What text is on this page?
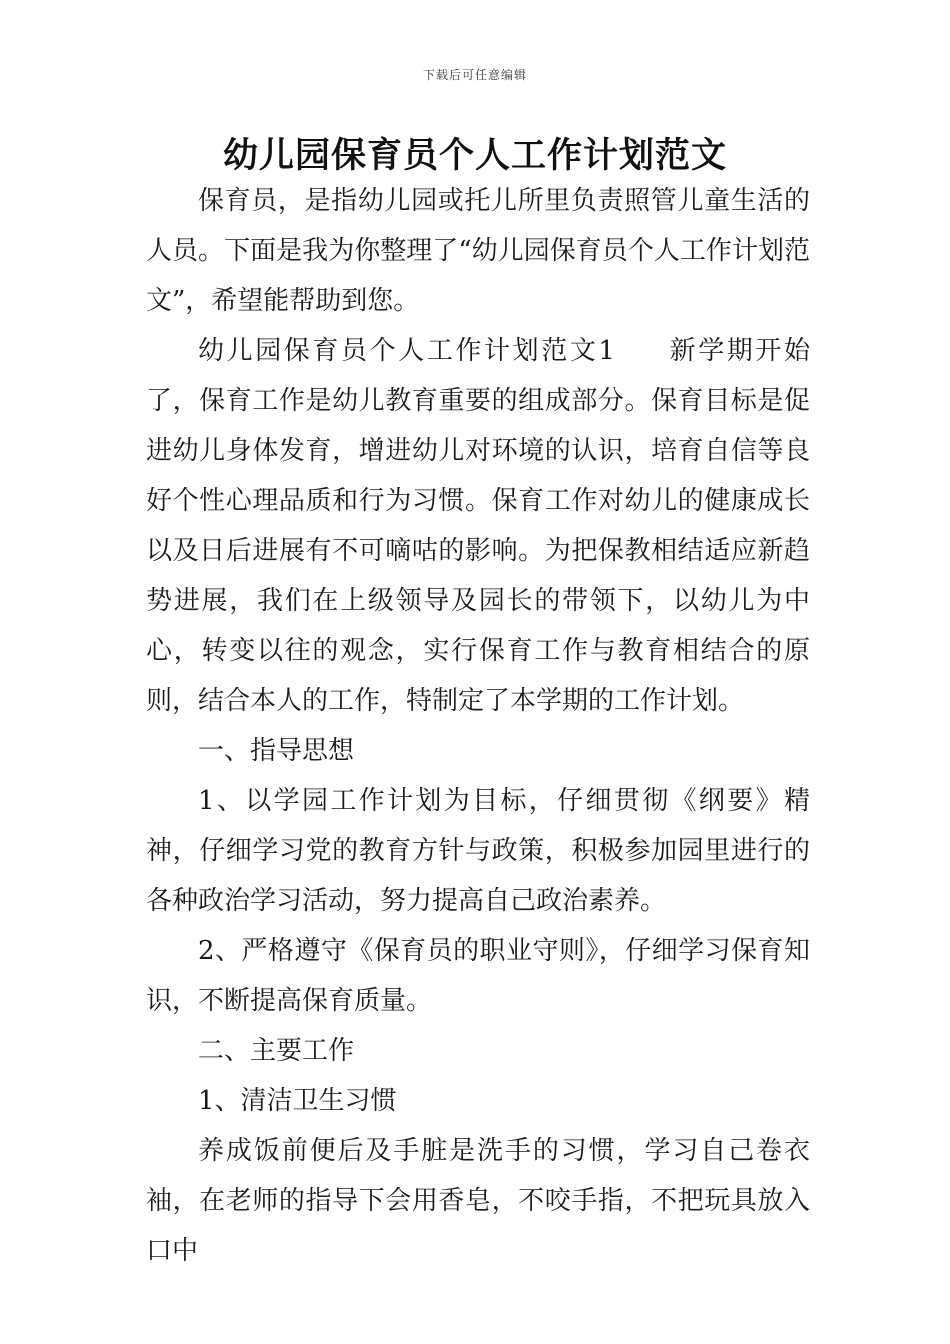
下载后可任意编辑
幼儿园保育员个人工作计划范文

保育员，是指幼儿园或托儿所里负责照管儿童生活的人员。下面是我为你整理了“幼儿园保育员个人工作计划范文”，希望能帮助到您。

幼儿园保育员个人工作计划范文1 新学期开始了，保育工作是幼儿教育重要的组成部分。保育目标是促进幼儿身体发育，增进幼儿对环境的认识，培育自信等良好个性心理品质和行为习惯。保育工作对幼儿的健康成长以及日后进展有不可嘀咕的影响。为把保教相结适应新趋势进展，我们在上级领导及园长的带领下，以幼儿为中心，转变以往的观念，实行保育工作与教育相结合的原则，结合本人的工作，特制定了本学期的工作计划。

一、指导思想

1、以学园工作计划为目标，仔细贯彻《纲要》精神，仔细学习党的教育方针与政策，积极参加园里进行的各种政治学习活动，努力提高自己政治素养。

2、严格遵守《保育员的职业守则》，仔细学习保育知识，不断提高保育质量。

二、主要工作

1、清洁卫生习惯

养成饭前便后及手脏是洗手的习惯，学习自己卷衣袖，在老师的指导下会用香皂，不咬手指，不把玩具放入口中
